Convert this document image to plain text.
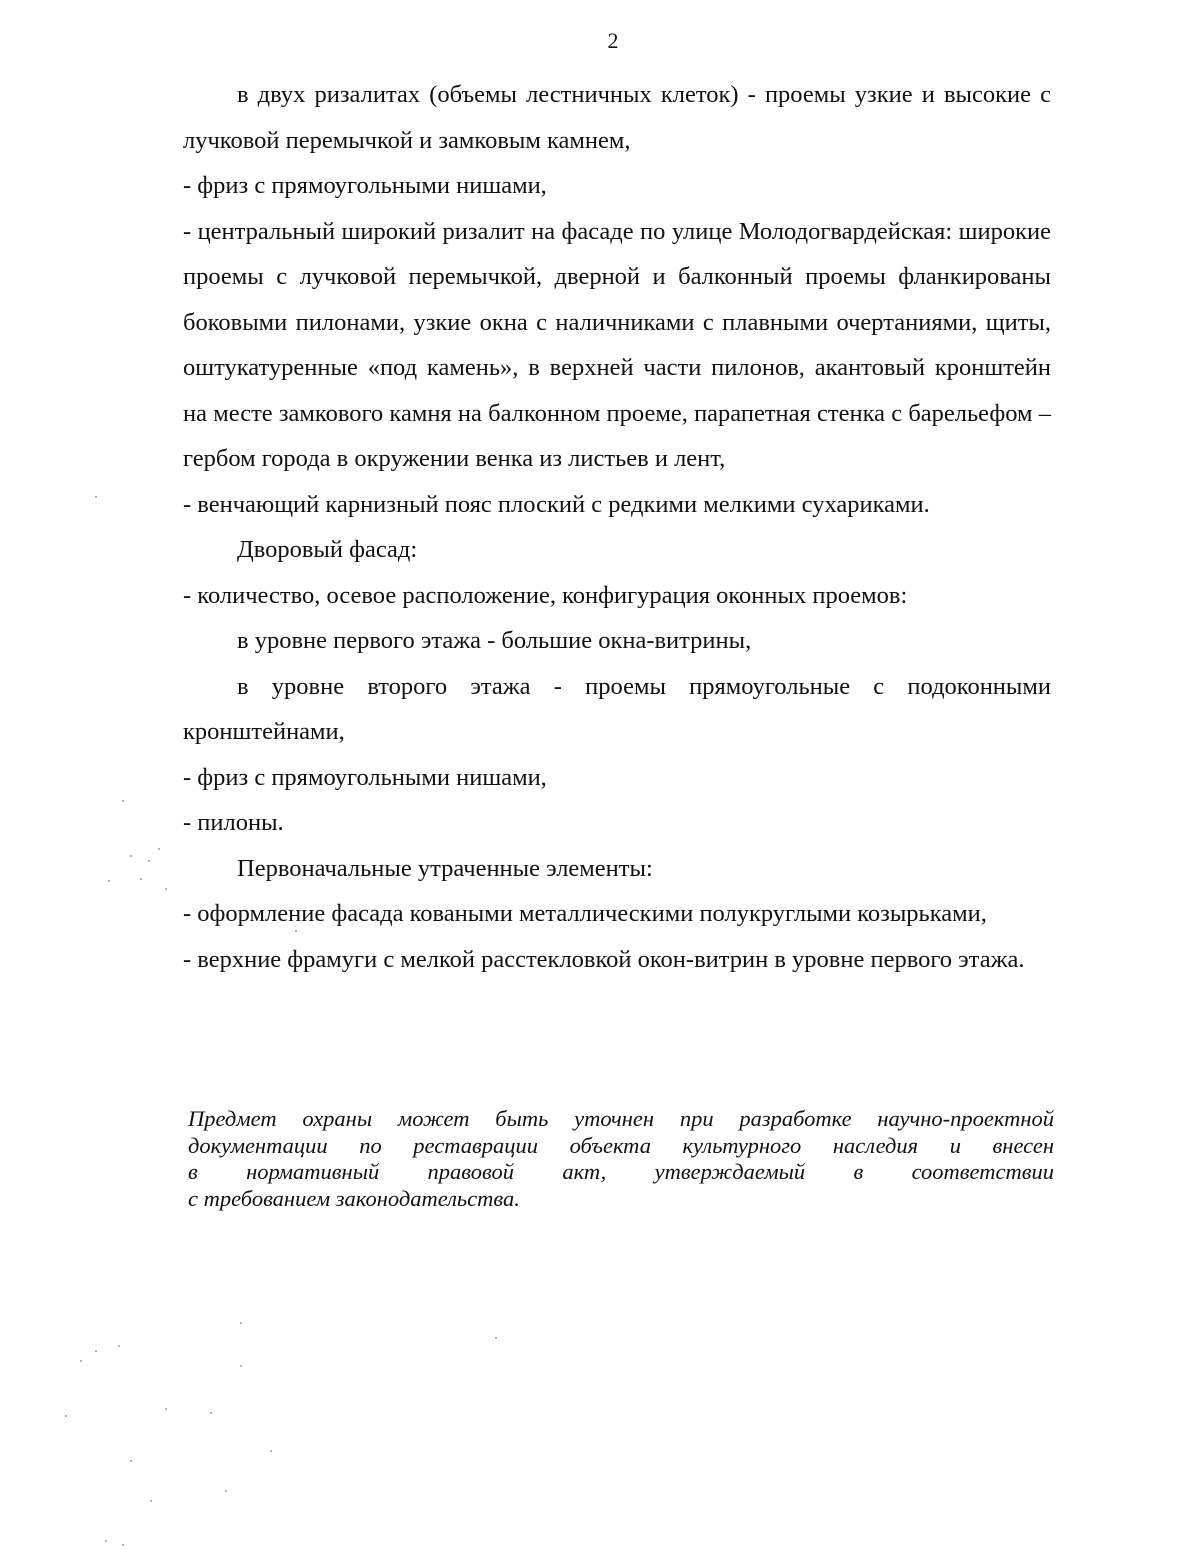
2

в двух ризалитах (объемы лестничных клеток) - проемы узкие и высокие с лучковой перемычкой и замковым камнем,

- фриз с прямоугольными нишами,

- центральный широкий ризалит на фасаде по улице Молодогвардейская: широкие проемы с лучковой перемычкой, дверной и балконный проемы фланкированы боковыми пилонами, узкие окна с наличниками с плавными очертаниями, щиты, оштукатуренные «под камень», в верхней части пилонов, акантовый кронштейн на месте замкового камня на балконном проеме, парапетная стенка с барельефом – гербом города в окружении венка из листьев и лент,

- венчающий карнизный пояс плоский с редкими мелкими сухариками.

Дворовый фасад:

- количество, осевое расположение, конфигурация оконных проемов:

в уровне первого этажа - большие окна-витрины,

в уровне второго этажа - проемы прямоугольные с подоконными кронштейнами,

- фриз с прямоугольными нишами,

- пилоны.

Первоначальные утраченные элементы:

- оформление фасада коваными металлическими полукруглыми козырьками,

- верхние фрамуги с мелкой расстекловкой окон-витрин в уровне первого этажа.

Предмет охраны может быть уточнен при разработке научно-проектной
документации по реставрации объекта культурного наследия и внесен
в нормативный правовой акт, утверждаемый в соответствии
с требованием законодательства.
